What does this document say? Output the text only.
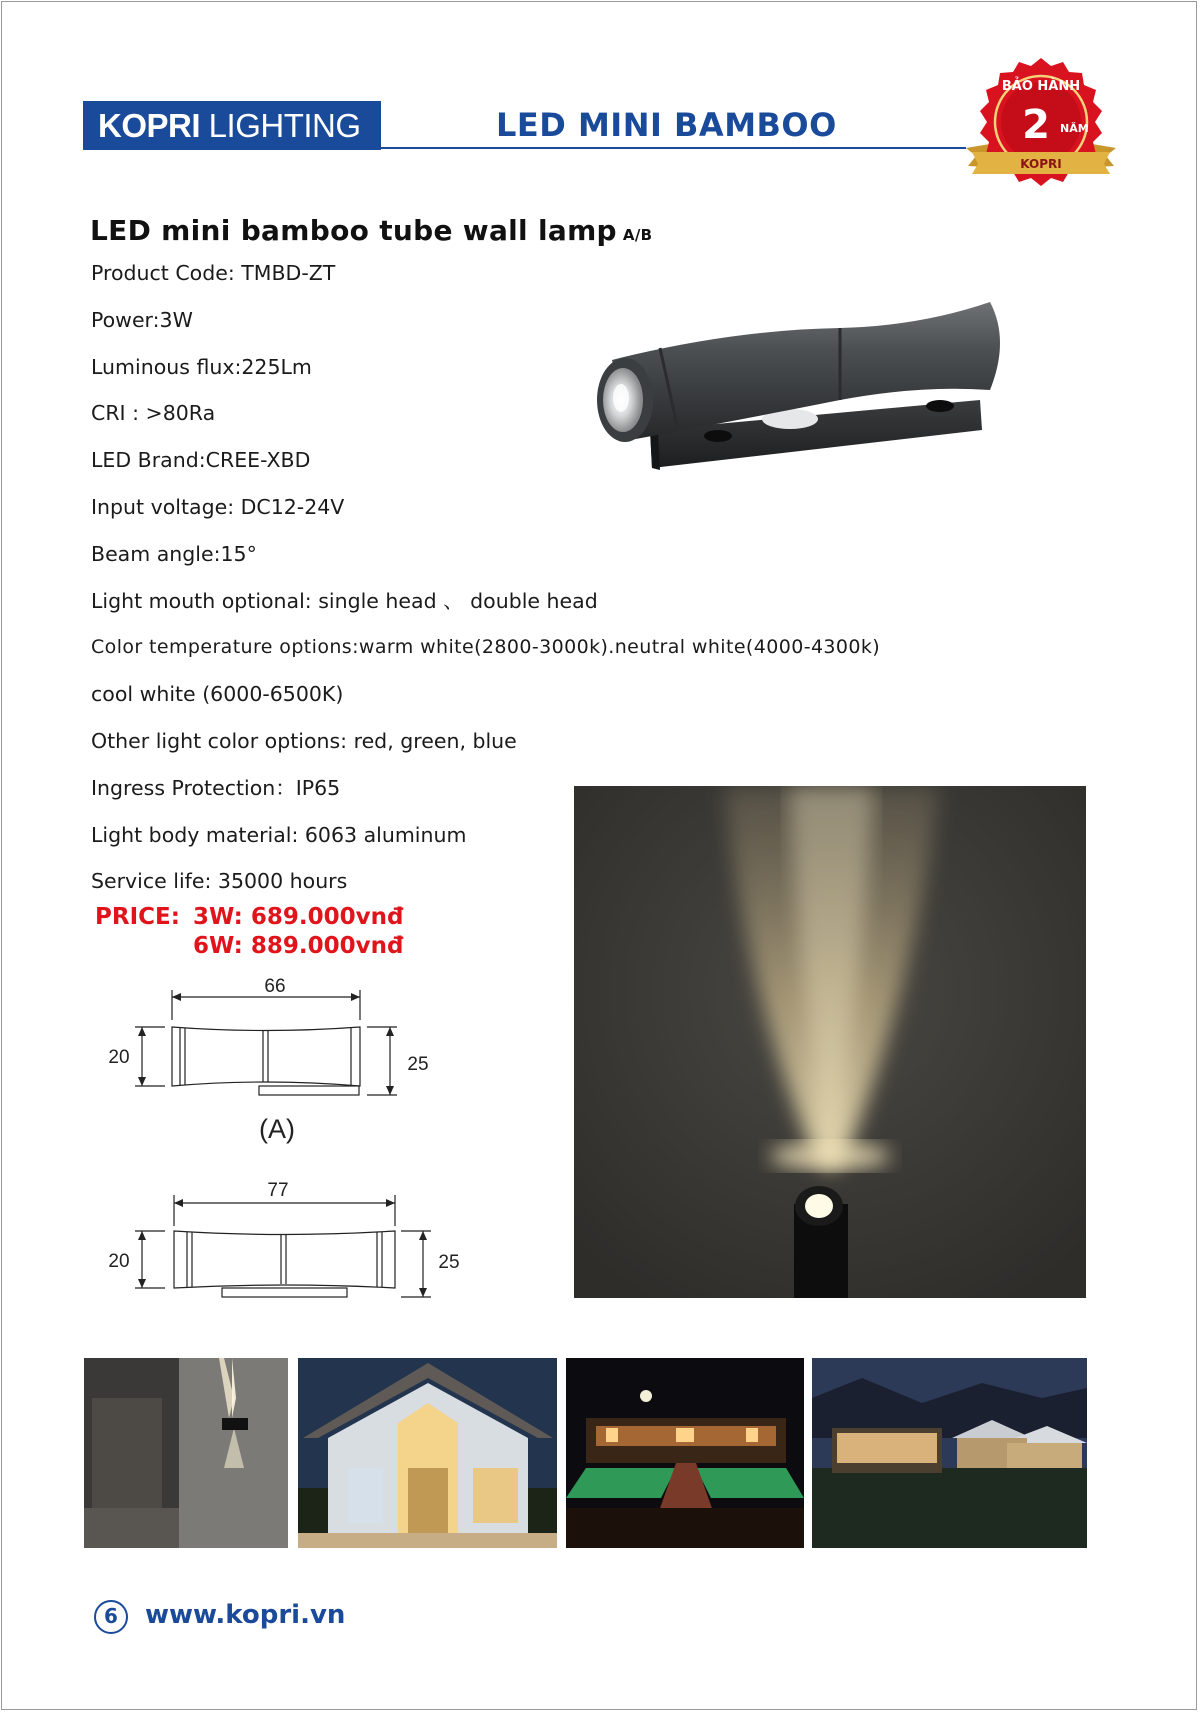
KOPRI LIGHTING	LED MINI BAMBOO
BẢO HÀNH
2 NĂM
KOPRI
LED mini bamboo tube wall lamp A/B
Product Code: TMBD-ZT
Power:3W
Luminous flux:225Lm
CRI : >80Ra
LED Brand:CREE-XBD
Input voltage: DC12-24V
Beam angle:15°
Light mouth optional: single head 、 double head
Color temperature options:warm white(2800-3000k).neutral white(4000-4300k)
cool white (6000-6500K)
Other light color options: red, green, blue
Ingress Protection：IP65
Light body material: 6063 aluminum
Service life: 35000 hours
PRICE: 3W: 689.000vnđ
6W: 889.000vnđ
66
20	25
(A)
77
20	25
6	www.kopri.vn
